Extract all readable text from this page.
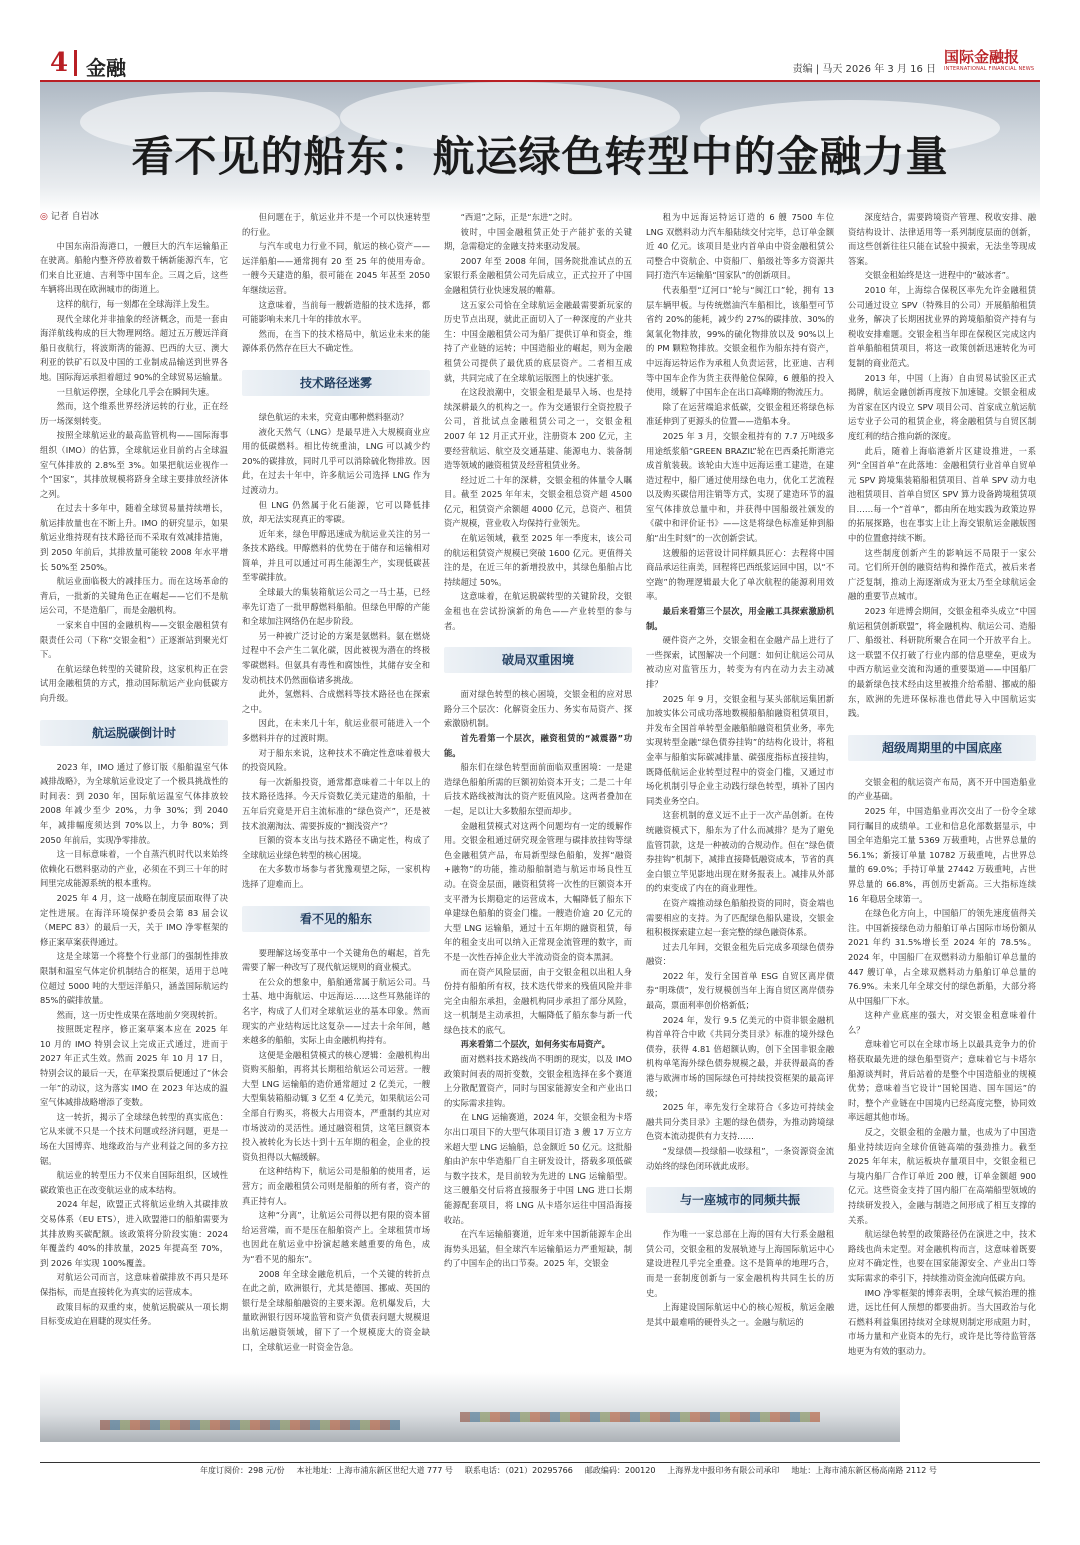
4 金融	责编 | 马天 2026 年 3 月 16 日
国际金融报
INTERNATIONAL FINANCIAL NEWS
看不见的船东：航运绿色转型中的金融力量

◎ 记者 自岩冰

中国东南沿海港口，一艘巨大的汽车运输船正在驶离。船舱内整齐停放着数千辆新能源汽车，它们来自比亚迪、吉利等中国车企。三周之后，这些车辆将出现在欧洲城市的街道上。

这样的航行，每一刻都在全球海洋上发生。

现代全球化并非抽象的经济概念，而是一套由海洋航线构成的巨大物理网络。超过五万艘远洋商船日夜航行，将波斯湾的能源、巴西的大豆、澳大利亚的铁矿石以及中国的工业制成品输送到世界各地。国际海运承担着超过 90%的全球贸易运输量。

一旦航运停摆，全球化几乎会在瞬间失速。

然而，这个维系世界经济运转的行业，正在经历一场深刻转变。

按照全球航运业的最高监管机构——国际海事组织（IMO）的估算，全球航运业目前约占全球温室气体排放的 2.8%至 3%。如果把航运业视作一个“国家”，其排放规模将跻身全球主要排放经济体之列。

在过去十多年中，随着全球贸易量持续增长，航运排放量也在不断上升。IMO 的研究显示，如果航运业维持现有技术路径而不采取有效减排措施，到 2050 年前后，其排放量可能较 2008 年水平增长 50%至 250%。

航运业面临极大的减排压力。而在这场革命的背后，一批新的关键角色正在崛起——它们不是航运公司，不是造船厂，而是金融机构。

一家来自中国的金融机构——交银金融租赁有限责任公司（下称“交银金租”）正逐渐站到聚光灯下。

在航运绿色转型的关键阶段，这家机构正在尝试用金融租赁的方式，推动国际航运产业向低碳方向升级。

航运脱碳倒计时

2023 年，IMO 通过了修订版《船舶温室气体减排战略》，为全球航运业设定了一个极具挑战性的时间表：到 2030 年，国际航运温室气体排放较 2008 年减少至少 20%，力争 30%；到 2040 年，减排幅度须达到 70%以上，力争 80%；到 2050 年前后，实现净零排放。

这一目标意味着，一个自蒸汽机时代以来始终依赖化石燃料驱动的产业，必须在不到三十年的时间里完成能源系统的根本重构。

2025 年 4 月，这一战略在制度层面取得了决定性进展。在海洋环境保护委员会第 83 届会议（MEPC 83）的最后一天，关于 IMO 净零框架的修正案草案获得通过。

这是全球第一个将整个行业部门的强制性排放限制和温室气体定价机制结合的框架，适用于总吨位超过 5000 吨的大型远洋船只，涵盖国际航运约 85%的碳排放量。

然而，这一历史性成果在落地前夕突现转折。

按照既定程序，修正案草案本应在 2025 年 10 月的 IMO 特别会议上完成正式通过，进而于 2027 年正式生效。然而 2025 年 10 月 17 日，特别会议的最后一天，在草案投票后便通过了“休会一年”的动议，这为落实 IMO 在 2023 年达成的温室气体减排战略增添了变数。

这一转折，揭示了全球绿色转型的真实底色：它从来就不只是一个技术问题或经济问题，更是一场在大国博弈、地缘政治与产业利益之间的多方拉锯。

航运业的转型压力不仅来自国际组织，区域性碳政策也正在改变航运业的成本结构。

2024 年起，欧盟正式将航运业纳入其碳排放交易体系（EU ETS），进入欧盟港口的船舶需要为其排放购买碳配额。该政策将分阶段实施：2024 年覆盖约 40%的排放量，2025 年提高至 70%，到 2026 年实现 100%覆盖。

对航运公司而言，这意味着碳排放不再只是环保指标，而是直接转化为真实的运营成本。

政策目标的双重约束，使航运脱碳从一项长期目标变成迫在眉睫的现实任务。

但问题在于，航运业并不是一个可以快速转型的行业。

与汽车或电力行业不同，航运的核心资产——远洋船舶——通常拥有 20 至 25 年的使用寿命。一艘今天建造的船，很可能在 2045 年甚至 2050 年继续运营。

这意味着，当前每一艘新造船的技术选择，都可能影响未来几十年的排放水平。

然而，在当下的技术格局中，航运业未来的能源体系仍然存在巨大不确定性。

技术路径迷雾

绿色航运的未来，究竟由哪种燃料驱动？

液化天然气（LNG）是最早进入大规模商业应用的低碳燃料。相比传统重油，LNG 可以减少约 20%的碳排放，同时几乎可以消除硫化物排放。因此，在过去十年中，许多航运公司选择 LNG 作为过渡动力。

但 LNG 仍然属于化石能源，它可以降低排放，却无法实现真正的零碳。

近年来，绿色甲醇迅速成为航运业关注的另一条技术路线。甲醇燃料的优势在于储存和运输相对简单，并且可以通过可再生能源生产，实现低碳甚至零碳排放。

全球最大的集装箱航运公司之一马士基，已经率先订造了一批甲醇燃料船舶。但绿色甲醇的产能和全球加注网络仍在起步阶段。

另一种被广泛讨论的方案是氨燃料。氨在燃烧过程中不会产生二氧化碳，因此被视为潜在的终极零碳燃料。但氨具有毒性和腐蚀性，其储存安全和发动机技术仍然面临诸多挑战。

此外，氢燃料、合成燃料等技术路径也在探索之中。

因此，在未来几十年，航运业很可能进入一个多燃料并存的过渡时期。

对于船东来说，这种技术不确定性意味着极大的投资风险。

每一次新船投资，通常都意味着二十年以上的技术路径选择。今天斥资数亿美元建造的船舶，十五年后究竟是开启主流标准的“绿色资产”，还是被技术浪潮淘汰、需要拆废的“搁浅资产”？

巨额的资本支出与技术路径不确定性，构成了全球航运业绿色转型的核心困境。

在大多数市场参与者犹豫观望之际，一家机构选择了迎难而上。

看不见的船东

要理解这场变革中一个关键角色的崛起，首先需要了解一种改写了现代航运规则的商业模式。

在公众的想象中，船舶通常属于航运公司。马士基、地中海航运、中远海运……这些耳熟能详的名字，构成了人们对全球航运业的基本印象。然而现实的产业结构远比这复杂——过去十余年间，越来越多的船舶，实际上由金融机构持有。

这便是金融租赁模式的核心逻辑：金融机构出资购买船舶，再将其长期租给航运公司运营。一艘大型 LNG 运输船的造价通常超过 2 亿美元，一艘大型集装箱船动辄 3 亿至 4 亿美元，如果航运公司全部自行购买，将极大占用资本，严重制约其应对市场波动的灵活性。通过融资租赁，这笔巨额资本投入被转化为长达十到十五年期的租金，企业的投资负担得以大幅缓解。

在这种结构下，航运公司是船舶的使用者，运营方；而金融租赁公司则是船舶的所有者，资产的真正持有人。

这种“分离”，让航运公司得以把有限的资本留给运营端，而不是压在船舶资产上。全球租赁市场也因此在航运业中扮演起越来越重要的角色，成为“看不见的船东”。

2008 年全球金融危机后，一个关键的转折点在此之前，欧洲银行，尤其是德国、挪威、英国的银行是全球船舶融资的主要来源。危机爆发后，大量欧洲银行因环境监管和资产负债表问题大规模退出航运融资领域，留下了一个规模庞大的资金缺口，全球航运业一时资金告急。

“西退”之际，正是“东进”之时。

彼时，中国金融租赁正处于产能扩张的关键期，急需稳定的金融支持来驱动发展。

2007 年至 2008 年间，国务院批准试点的五家银行系金融租赁公司先后成立，正式拉开了中国金融租赁行业快速发展的帷幕。

这五家公司恰在全球航运金融最需要新玩家的历史节点出现，就此正面切入了一种深度的产业共生：中国金融租赁公司为船厂提供订单和资金，维持了产业链的运转；中国造船业的崛起，则为金融租赁公司提供了最优质的底层资产。二者相互成就，共同完成了在全球航运版图上的快速扩张。

在这段浪潮中，交银金租是最早入场、也是持续深耕最久的机构之一。作为交通银行全资控股子公司，首批试点金融租赁公司之一，交银金租 2007 年 12 月正式开业，注册资本 200 亿元，主要经营航运、航空及交通基建、能源电力、装备制造等领域的融资租赁及经营租赁业务。

经过近二十年的深耕，交银金租的体量令人瞩目。截至 2025 年年末，交银金租总资产超 4500 亿元，租赁资产余额超 4000 亿元，总资产、租赁资产规模，营业收入均保持行业领先。

在航运领域，截至 2025 年一季度末，该公司的航运租赁资产规模已突破 1600 亿元。更值得关注的是，在近三年的新增投放中，其绿色船舶占比持续超过 50%。

这意味着，在航运脱碳转型的关键阶段，交银金租也在尝试扮演新的角色——产业转型的参与者。

破局双重困境

面对绿色转型的核心困境，交银金租的应对思路分三个层次：化解资金压力、务实布局资产、探索激励机制。

首先看第一个层次，融资租赁的“减震器”功能。

船东们在绿色转型面前面临双重困境：一是建造绿色船舶所需的巨额初始资本开支；二是二十年后技术路线被淘汰的资产贬值风险。这两者叠加在一起，足以让大多数船东望而却步。

金融租赁模式对这两个问题均有一定的缓解作用。交银金租通过研究现金管理与碳排放挂钩等绿色金融租赁产品，布局新型绿色船舶，发挥“融资+融物”的功能，推动船舶制造与航运市场良性互动。在资金层面，融资租赁将一次性的巨额资本开支平滑为长期稳定的运营成本，大幅降低了船东下单建绿色船舶的资金门槛。一艘造价逾 20 亿元的大型 LNG 运输船，通过十五年期的融资租赁，每年的租金支出可以纳入正常现金流管理的数字，而不是一次性吞掉企业大半流动资金的资本黑洞。

而在资产风险层面，由于交银金租以出租人身份持有船舶所有权，技术迭代带来的残值风险并非完全由船东承担，金融机构同步承担了部分风险，这一机制是主动承担，大幅降低了船东参与新一代绿色技术的底气。

再来看第二个层次，如何务实布局资产。

面对燃料技术路线尚不明朗的现实，以及 IMO 政策时间表的周折变数，交银金租选择在多个赛道上分散配置资产，同时与国家能源安全和产业出口的实际需求挂钩。

在 LNG 运输赛道，2024 年，交银金租为卡塔尔出口项目下的大型气体项目订造 3 艘 17 万立方米超大型 LNG 运输船，总金额近 50 亿元。这批船舶由沪东中华造船厂自主研发设计，搭载多项低碳与数字技术，是目前较为先进的 LNG 运输船型。这三艘船交付后将直接服务于中国 LNG 进口长期能源配套项目，将 LNG 从卡塔尔运往中国沿海接收站。

在汽车运输船赛道，近年来中国新能源车企出海势头迅猛，但全球汽车运输船运力严重短缺，制约了中国车企的出口节奏。2025 年，交银金

租为中远海运特运订造的 6 艘 7500 车位 LNG 双燃料动力汽车船陆续交付完毕，总订单金额近 40 亿元。该项目是业内首单由中资金融租赁公司整合中资航企、中资船厂、船级社等多方资源共同打造汽车运输船“国家队”的创新项目。

代表船型“辽河口”轮与“闽江口”轮，拥有 13 层车辆甲板。与传统燃油汽车船相比，该船型可节省约 20%的能耗，减少约 27%的碳排放、30%的氮氧化物排放，99%的硫化物排放以及 90%以上的 PM 颗粒物排放。交银金租作为船东持有资产，中远海运特运作为承租人负责运营，比亚迪、吉利等中国车企作为货主获得舱位保障，6 艘船的投入使用，缓解了中国车企在出口高峰期的物流压力。

除了在运营端追求低碳，交银金租还将绿色标准延伸到了更源头的位置——造船本身。

2025 年 3 月，交银金租持有的 7.7 万吨级多用途纸浆船“GREEN BRAZIL”轮在巴西桑托斯港完成首航装载。该轮由大连中远海运重工建造，在建造过程中，船厂通过使用绿色电力，优化工艺流程以及购买碳信用注销等方式，实现了建造环节的温室气体排放总量中和，并获得中国船级社颁发的《碳中和评价证书》——这是将绿色标准延伸到船舶“出生时刻”的一次创新尝试。

这艘船的运营设计同样颇具匠心：去程将中国商品承运往南美，回程将巴西纸浆运回中国，以“不空跑”的物理逻辑最大化了单次航程的能源利用效率。

最后来看第三个层次，用金融工具探索激励机制。

硬件资产之外，交银金租在金融产品上进行了一些探索，试图解决一个问题：如何让航运公司从被动应对监管压力，转变为有内在动力去主动减排？

2025 年 9 月，交银金租与某头部航运集团新加坡实体公司成功落地数模船船舶融资租赁项目，并发布全国首单转型金融船舶融资租赁业务，率先实现转型金融“绿色债券挂钩”的结构化设计，将租金率与船舶实际碳减排量、碳强度指标直接挂钩，既降低航运企业转型过程中的资金门槛，又通过市场化机制引导企业主动践行绿色转型，填补了国内同类业务空白。

这套机制的意义远不止于一次产品创新。在传统融资模式下，船东为了什么而减排？是为了避免监管罚款，这是一种被动的合规动作。但在“绿色债券挂钩”机制下，减排直接降低融资成本，节省的真金白银立竿见影地出现在财务报表上。减排从外部的约束变成了内在的商业理性。

在资产端推动绿色船舶投资的同时，资金端也需要相应的支持。为了匹配绿色船队建设，交银金租积极探索建立起一套完整的绿色融资体系。

过去几年间，交银金租先后完成多项绿色债券融资：

2022 年，发行全国首单 ESG 自贸区离岸债券“明珠债”，发行规模创当年上海自贸区离岸债券最高，票面利率创价格新低；

2024 年，发行 9.5 亿美元的中资非银金融机构首单符合中欧《共同分类目录》标准的境外绿色债券，获得 4.81 倍超额认购，创下全国非银金融机构单笔海外绿色债券规模之最，并获得最高的香港与欧洲市场的国际绿色可持续投资框架的最高评级；

2025 年，率先发行全球符合《多边可持续金融共同分类目录》主题的绿色债券，为推动跨境绿色资本流动提供有力支持……

“发绿债—投绿船—收绿租”，一条资源资金流动始终的绿色闭环就此成形。

与一座城市的同频共振

作为唯一一家总部在上海的国有大行系金融租赁公司，交银金租的发展轨迹与上海国际航运中心建设进程几乎完全重叠。这不是简单的地理巧合，而是一套制度创新与一家金融机构共同生长的历史。

上海建设国际航运中心的核心短板，航运金融是其中最难啃的硬骨头之一。金融与航运的

深度结合，需要跨境资产管理、税收安排、融资结构设计、法律适用等一系列制度层面的创新，而这些创新往往只能在试验中摸索，无法坐等现成答案。

交银金租始终是这一进程中的“破冰者”。

2010 年，上海综合保税区率先允许金融租赁公司通过设立 SPV（特殊目的公司）开展船舶租赁业务，解决了长期困扰业界的跨境船舶资产持有与税收安排难题。交银金租当年即在保税区完成这内首单船舶租赁项目，将这一政策创新迅速转化为可复制的商业范式。

2013 年，中国（上海）自由贸易试验区正式揭牌，航运金融创新再度按下加速键。交银金租成为首家在区内设立 SPV 项目公司、首家成立航运航运专业子公司的租赁企业，将金融租赁与自贸区制度红利的结合推向新的深度。

此后，随着上海临港新片区建设推进，一系列“全国首单”在此落地：金融租赁行业首单自贸单元 SPV 跨境集装箱船租赁项目、首单 SPV 动力电池租赁项目、首单自贸区 SPV 算力设备跨境租赁项目……每一个“首单”，都由所在地实践为政策边界的拓展探路，也在事实上让上海交银航运金融版图中的位置愈持续不断。

这些制度创新产生的影响远不局限于一家公司。它们所开创的融资结构和操作范式，被后来者广泛复制，推动上海逐渐成为亚太乃至全球航运金融的重要节点城市。

2023 年进博会期间，交银金租牵头成立“中国航运租赁创新联盟”，将金融机构、航运公司、造船厂、船级社、科研院所聚合在同一个开放平台上。这一联盟不仅打破了行业内部的信息壁垒，更成为中西方航运业交流和沟通的重要渠道——中国船厂的最新绿色技术经由这里被推介给希腊、挪威的船东，欧洲的先进环保标准也借此导入中国航运实践。

超级周期里的中国底座

交银金租的航运资产布局，离不开中国造船业的产业基础。

2025 年，中国造船业再次交出了一份令全球同行瞩目的成绩单。工业和信息化部数据显示，中国全年造船完工量 5369 万载重吨，占世界总量的 56.1%；新接订单量 10782 万载重吨，占世界总量的 69.0%；手持订单量 27442 万载重吨，占世界总量的 66.8%，再创历史新高。三大指标连续 16 年稳居全球第一。

在绿色化方向上，中国船厂的领先速度值得关注。中国新接绿色动力船舶订单占国际市场份额从 2021 年约 31.5%增长至 2024 年的 78.5%。2024 年，中国船厂在双燃料动力船舶订单总量的 447 艘订单，占全球双燃料动力船舶订单总量的 76.9%。未来几年全球交付的绿色新船，大部分将从中国船厂下水。

这种产业底座的强大，对交银金租意味着什么？

意味着它可以在全球市场上以最具竞争力的价格获取最先进的绿色船型资产；意味着它与卡塔尔船源谈判时，背后站着的是整个中国造船业的规模优势；意味着当它设计“国轮国造、国车国运”的时，整个产业链在中国境内已经高度完整，协同效率远超其他市场。

反之，交银金租的金融力量，也成为了中国造船业持续迈向全球价值链高端的强劲推力。截至 2025 年年末，航运板块存量项目中，交银金租已与境内船厂合作订单近 200 艘，订单金额超 900 亿元。这些资金支持了国内船厂在高端船型领域的持续研发投入，金融与制造之间形成了相互支撑的关系。

航运绿色转型的政策路径仍在演进之中，技术路线也尚未定型。对金融机构而言，这意味着既要应对不确定性，也要在国家能源安全、产业出口等实际需求的牵引下，持续推动资金流向低碳方向。

IMO 净零框架的博弈表明，全球气候治理的推进，远比任何人预想的都要曲折。当大国政治与化石燃料利益集团持续对全球规则制定形成阻力时，市场力量和产业资本的先行，或许是比等待监管落地更为有效的驱动力。

年度订阅价：298 元/份 本社地址：上海市浦东新区世纪大道 777 号 联系电话：（021）20295766 邮政编码：200120 上海界龙中报印务有限公司承印 地址：上海市浦东新区杨高南路 2112 号
